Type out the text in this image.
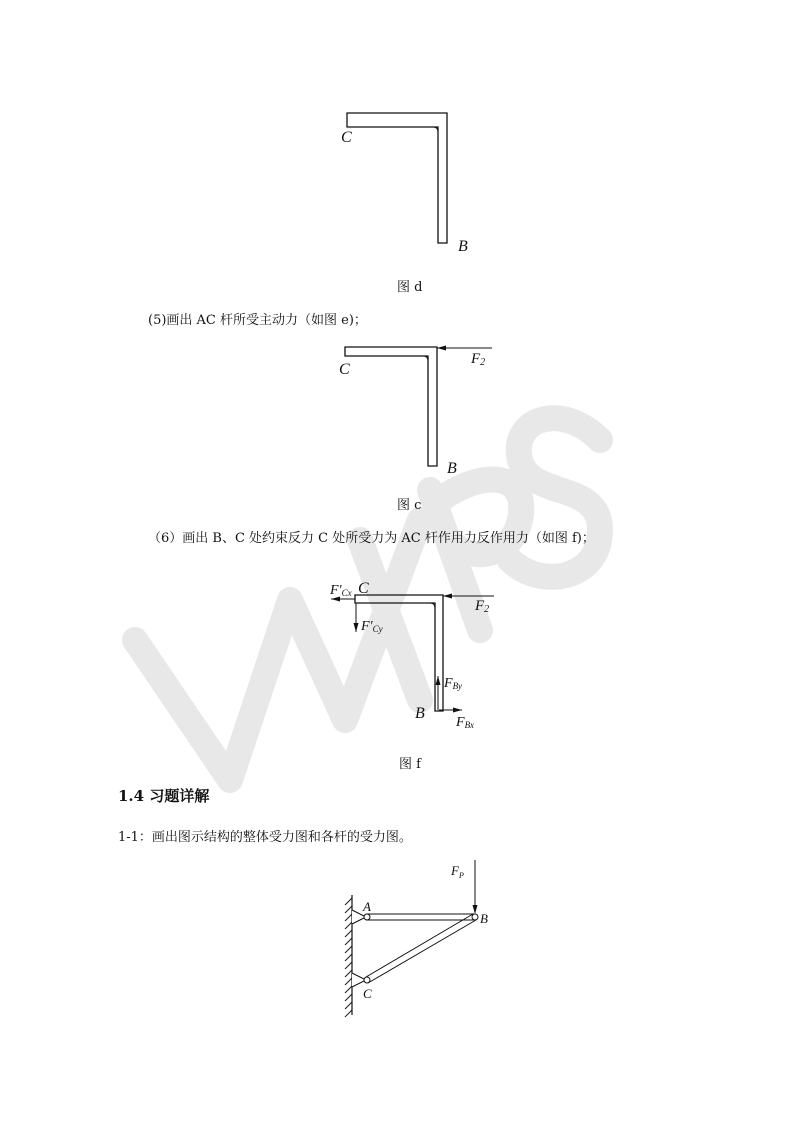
C
B
图 d
(5)画出 AC 杆所受主动力（如图 e)；
C
B
F2
图 c
（6）画出 B、C 处约束反力 C 处所受力为 AC 杆作用力反作用力（如图 f)；
F′Cx C
F′Cy
F2
FBy
B
FBx
图 f
1.4 习题详解
1-1：画出图示结构的整体受力图和各杆的受力图。
$F_P$
A
B
C
